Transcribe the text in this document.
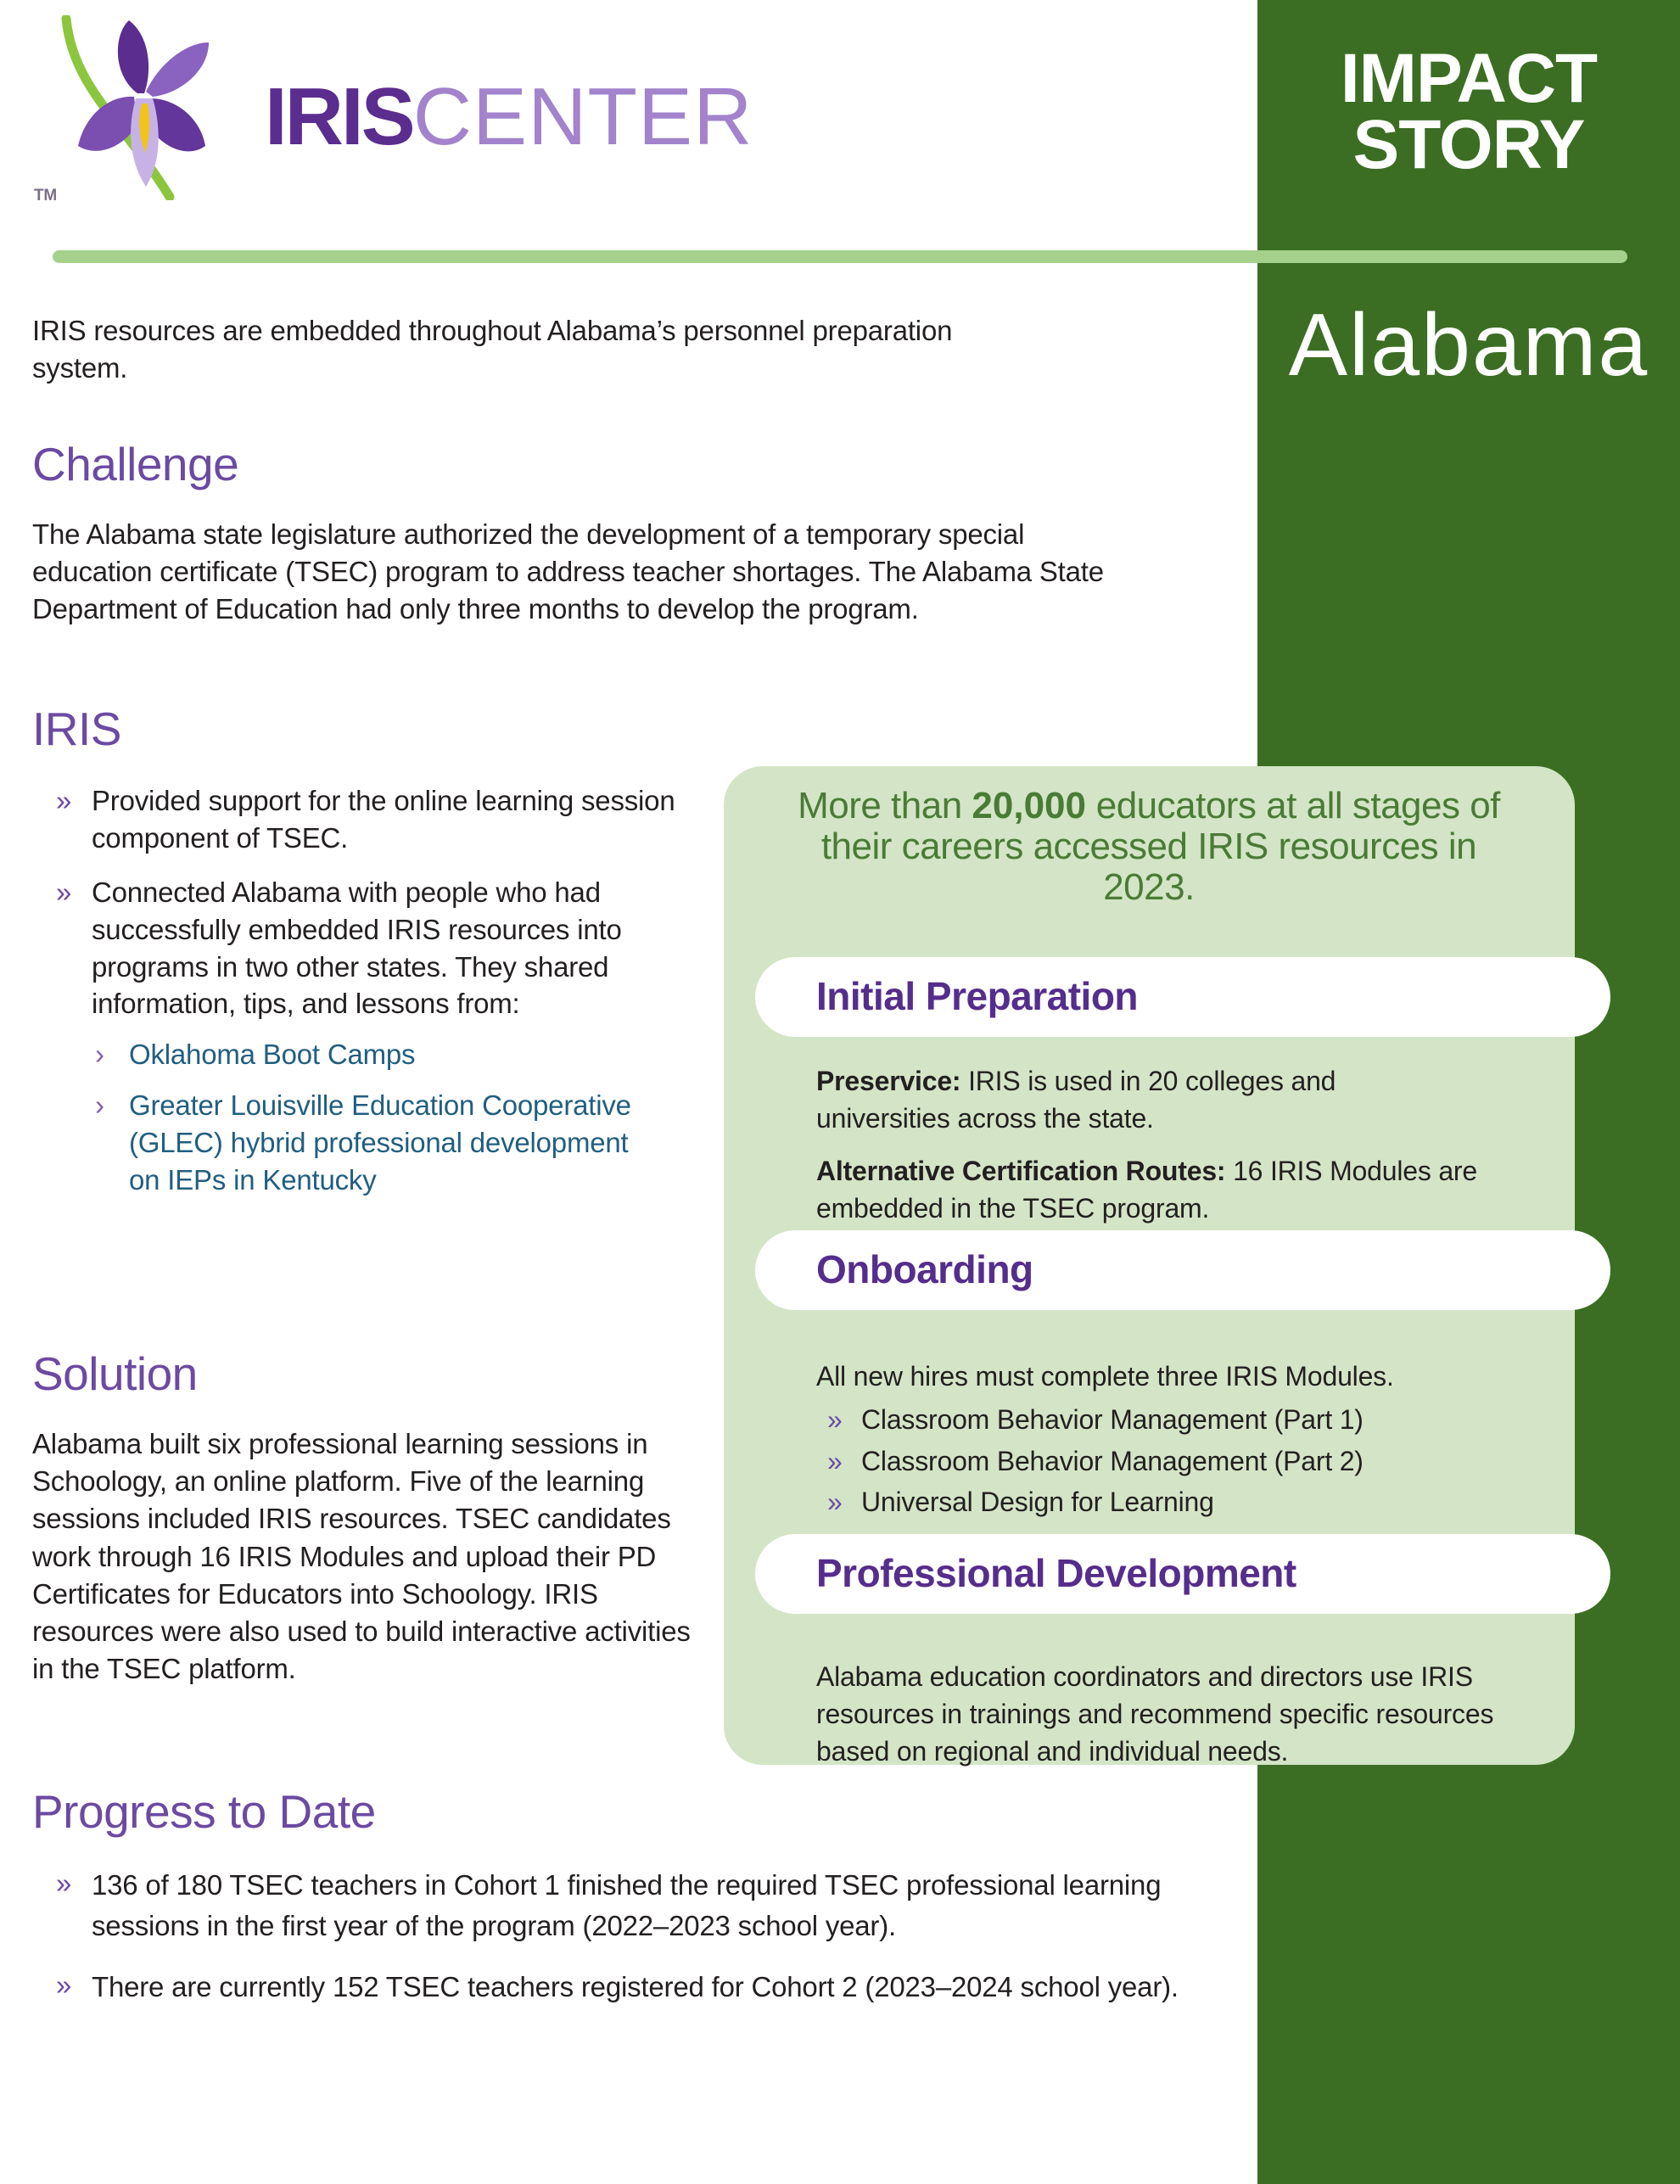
IMPACT
STORY
Alabama
IRISCENTER
TM

IRIS resources are embedded throughout Alabama’s personnel preparation system.

Challenge

The Alabama state legislature authorized the development of a temporary special education certificate (TSEC) program to address teacher shortages. The Alabama State Department of Education had only three months to develop the program.

IRIS
» Provided support for the online learning session component of TSEC.
» Connected Alabama with people who had successfully embedded IRIS resources into programs in two other states. They shared information, tips, and lessons from:
› Oklahoma Boot Camps
› Greater Louisville Education Cooperative (GLEC) hybrid professional development on IEPs in Kentucky
Solution

Alabama built six professional learning sessions in Schoology, an online platform. Five of the learning sessions included IRIS resources. TSEC candidates work through 16 IRIS Modules and upload their PD Certificates for Educators into Schoology. IRIS resources were also used to build interactive activities in the TSEC platform.

Progress to Date
» 136 of 180 TSEC teachers in Cohort 1 finished the required TSEC professional learning sessions in the first year of the program (2022–2023 school year).
» There are currently 152 TSEC teachers registered for Cohort 2 (2023–2024 school year).

More than 20,000 educators at all stages of their careers accessed IRIS resources in 2023.

Initial Preparation

Preservice: IRIS is used in 20 colleges and universities across the state.

Alternative Certification Routes: 16 IRIS Modules are embedded in the TSEC program.

Onboarding

All new hires must complete three IRIS Modules.

» Classroom Behavior Management (Part 1)
» Classroom Behavior Management (Part 2)
» Universal Design for Learning

Professional Development

Alabama education coordinators and directors use IRIS resources in trainings and recommend specific resources based on regional and individual needs.
